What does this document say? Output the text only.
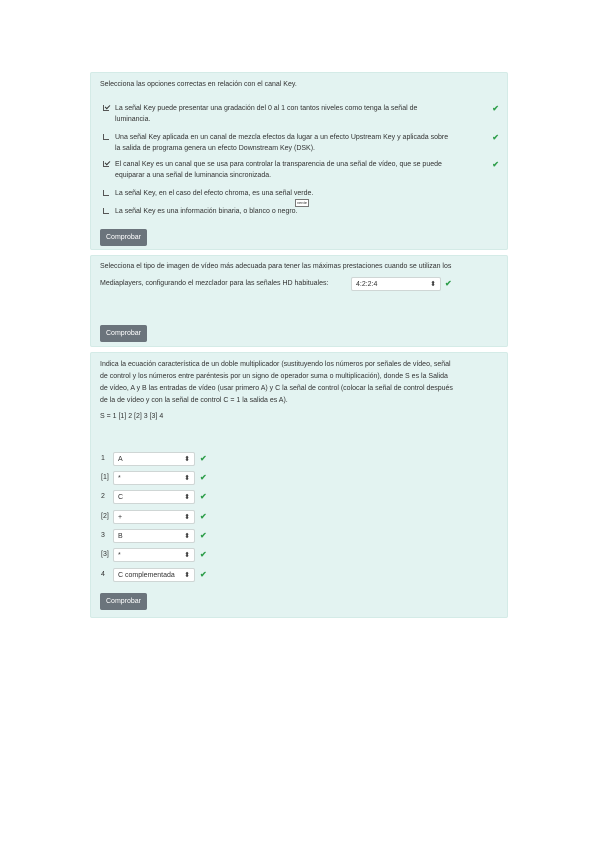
Selecciona las opciones correctas en relación con el canal Key.
La señal Key puede presentar una gradación del 0 al 1 con tantos niveles como tenga la señal de
luminancia.
✔
Una señal Key aplicada en un canal de mezcla efectos da lugar a un efecto Upstream Key y aplicada sobre
la salida de programa genera un efecto Downstream Key (DSK).
✔
El canal Key es un canal que se usa para controlar la transparencia de una señal de vídeo, que se puede
equiparar a una señal de luminancia sincronizada.
✔
La señal Key, en el caso del efecto chroma, es una señal verde.
verde
La señal Key es una información binaria, o blanco o negro.
Comprobar
Selecciona el tipo de imagen de vídeo más adecuada para tener las máximas prestaciones cuando se utilizan los
Mediaplayers, configurando el mezclador para las señales HD habituales:	4:2:2:4	⬍ ✔
Comprobar
Indica la ecuación característica de un doble multiplicador (sustituyendo los números por señales de vídeo, señal
de control y los números entre paréntesis por un signo de operador suma o multiplicación), donde S es la Salida
de vídeo, A y B las entradas de vídeo (usar primero A) y C la señal de control (colocar la señal de control después
de la de vídeo y con la señal de control C = 1 la salida es A).
S = 1 [1] 2 [2] 3 [3] 4
1	A	⬍ ✔
[1]	*	⬍ ✔
2	C	⬍ ✔
[2]	+	⬍ ✔
3	B	⬍ ✔
[3]	*	⬍ ✔
4	C complementada ⬍ ✔
Comprobar
